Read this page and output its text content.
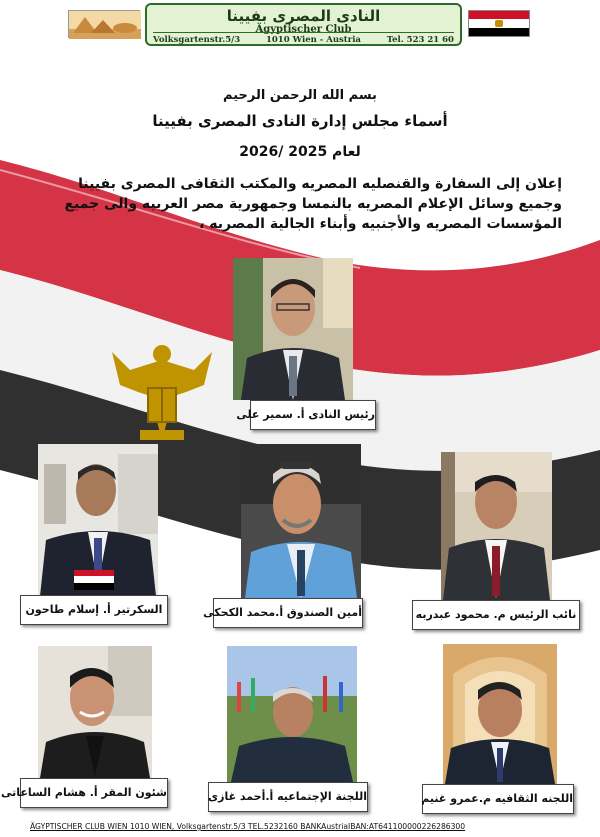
النادى المصرى بفيينا
Ägyptischer Club
Volksgartenstr.5/3	1010 Wien - Austria	Tel. 523 21 60
بسم الله الرحمن الرحيم
أسماء مجلس إدارة النادى المصرى بفيينا
لعام 2025 /2026
إعلان إلى السفارة والقنصليه المصريه والمكتب الثقافى المصرى بفيينا وجميع وسائل الإعلام المصريه بالنمسا وجمهورية مصر العربيه والى جميع المؤسسات المصريه والأجنبيه وأبناء الجالية المصريه ،
رئيس النادى أ. سمير على
السكرتير أ. إسلام طاحون	أمين الصندوق أ.محمد الكحكى	نائب الرئيس م. محمود عبدربه
شئون المقر أ. هشام الساعاتى	اللجنة الإجتماعيه أ.أحمد غازى	اللجنه الثقافيه م.عمرو غنيم
ÄGYPTISCHER CLUB WIEN 1010 WIEN, Volksgartenstr.5/3 TEL.5232160 BANKAustriaIBAN:AT641100000226286300
